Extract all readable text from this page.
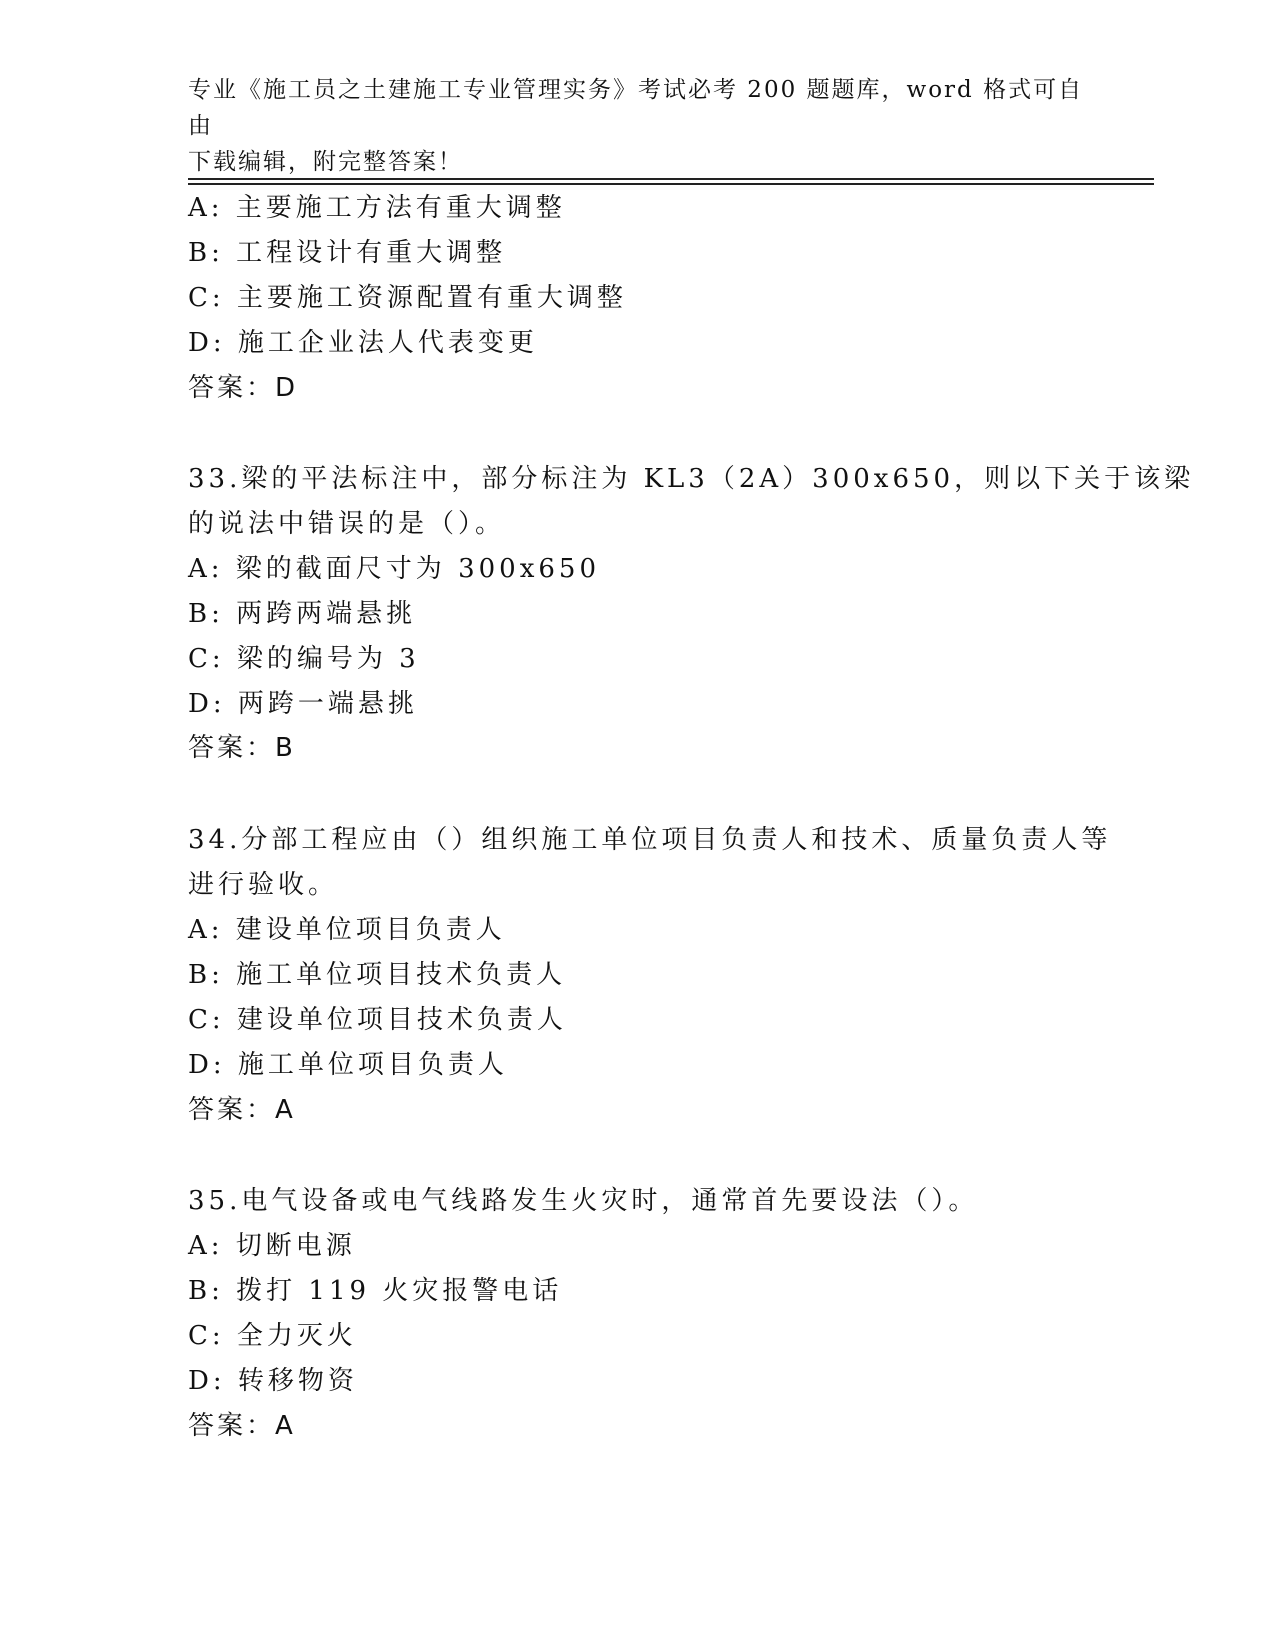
专业《施工员之土建施工专业管理实务》考试必考 200 题题库，word 格式可自由
下载编辑，附完整答案！
A: 主要施工方法有重大调整
B: 工程设计有重大调整
C: 主要施工资源配置有重大调整
D: 施工企业法人代表变更
答案：D
33.梁的平法标注中，部分标注为 KL3（2A）300x650，则以下关于该梁
的说法中错误的是（）。
A: 梁的截面尺寸为 300x650
B: 两跨两端悬挑
C: 梁的编号为 3
D: 两跨一端悬挑
答案：B
34.分部工程应由（）组织施工单位项目负责人和技术、质量负责人等
进行验收。
A: 建设单位项目负责人
B: 施工单位项目技术负责人
C: 建设单位项目技术负责人
D: 施工单位项目负责人
答案：A
35.电气设备或电气线路发生火灾时，通常首先要设法（）。
A: 切断电源
B: 拨打 119 火灾报警电话
C: 全力灭火
D: 转移物资
答案：A
